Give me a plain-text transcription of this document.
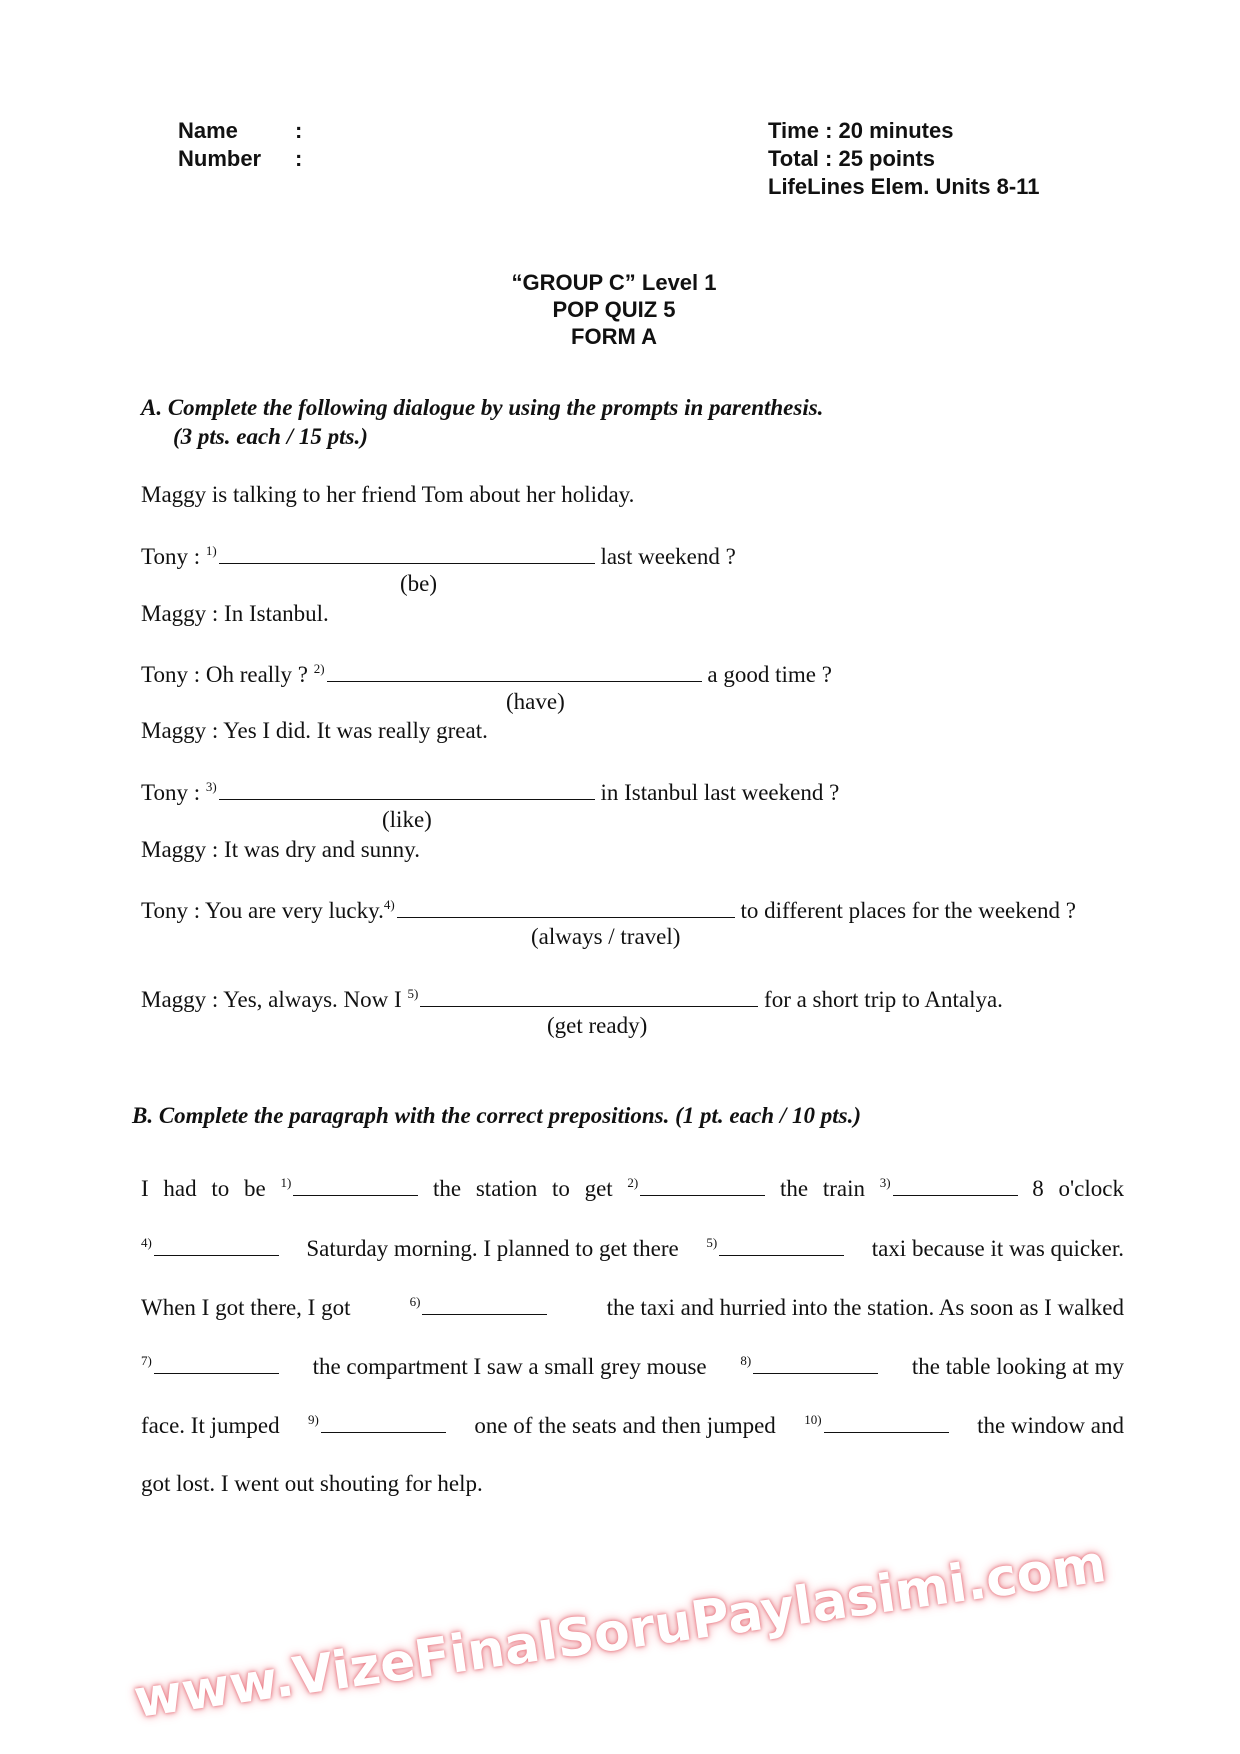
Name	:
Number :
Time : 20 minutes
Total : 25 points
LifeLines Elem. Units 8-11
“GROUP C” Level 1
POP QUIZ 5
FORM A
A. Complete the following dialogue by using the prompts in parenthesis.
(3 pts. each / 15 pts.)
Maggy is talking to her friend Tom about her holiday.
Tony : $^{1)}$	last weekend ?
(be)
Maggy : In Istanbul.
Tony : Oh really ? $^{2)}$	a good time ?
(have)
Maggy : Yes I did. It was really great.
Tony : $^{3)}$	in Istanbul last weekend ?
(like)
Maggy : It was dry and sunny.
Tony : You are very lucky.$^{4)}$	to different places for the weekend ?
(always / travel)
Maggy : Yes, always. Now I $^{5)}$	for a short trip to Antalya.
(get ready)
B. Complete the paragraph with the correct prepositions. (1 pt. each / 10 pts.)
I had to be $^{1)}$	the station to get $^{2)}$	the train $^{3)}$	8 o'clock
$^{4)}$	Saturday morning. I planned to get there $^{5)}$	taxi because it was quicker.
When I got there, I got	$^{6)}$	the taxi and hurried into the station. As soon as I walked
$^{7)}$	the compartment I saw a small grey mouse	$^{8)}$	the table looking at my
face. It jumped $^{9)}$	one of the seats and then jumped $^{10)}$	the window and
got lost. I went out shouting for help.
www.VizeFinalSoruPaylasimi.com
